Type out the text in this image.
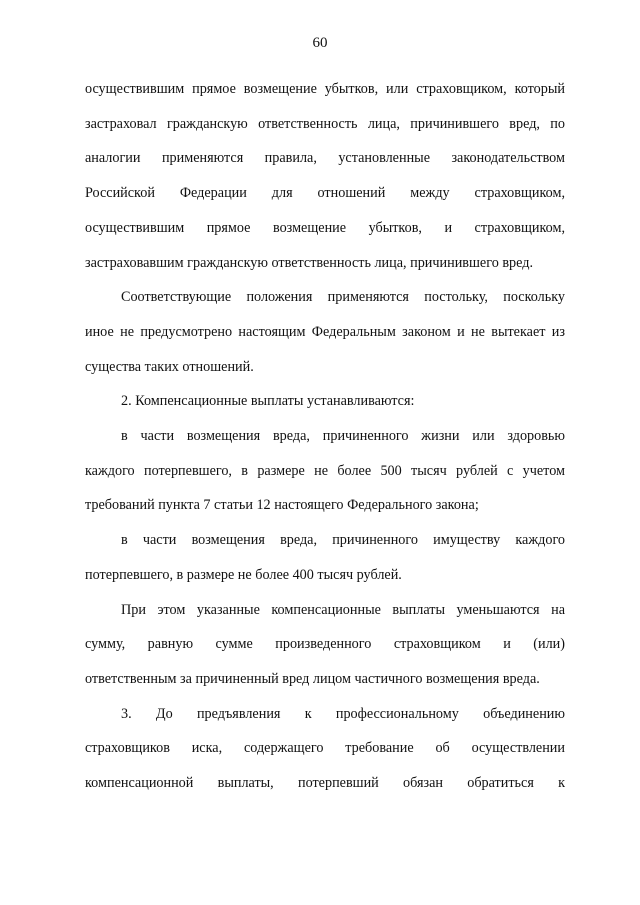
60

осуществившим прямое возмещение убытков, или страховщиком, который

застраховал гражданскую ответственность лица, причинившего вред, по

аналогии применяются правила, установленные законодательством

Российской Федерации для отношений между страховщиком,

осуществившим прямое возмещение убытков, и страховщиком,

застраховавшим гражданскую ответственность лица, причинившего вред.

Соответствующие положения применяются постольку, поскольку

иное не предусмотрено настоящим Федеральным законом и не вытекает из

существа таких отношений.

2. Компенсационные выплаты устанавливаются:

в части возмещения вреда, причиненного жизни или здоровью

каждого потерпевшего, в размере не более 500 тысяч рублей с учетом

требований пункта 7 статьи 12 настоящего Федерального закона;

в части возмещения вреда, причиненного имуществу каждого

потерпевшего, в размере не более 400 тысяч рублей.

При этом указанные компенсационные выплаты уменьшаются на

сумму, равную сумме произведенного страховщиком и (или)

ответственным за причиненный вред лицом частичного возмещения вреда.

3. До предъявления к профессиональному объединению

страховщиков иска, содержащего требование об осуществлении

компенсационной выплаты, потерпевший обязан обратиться к
